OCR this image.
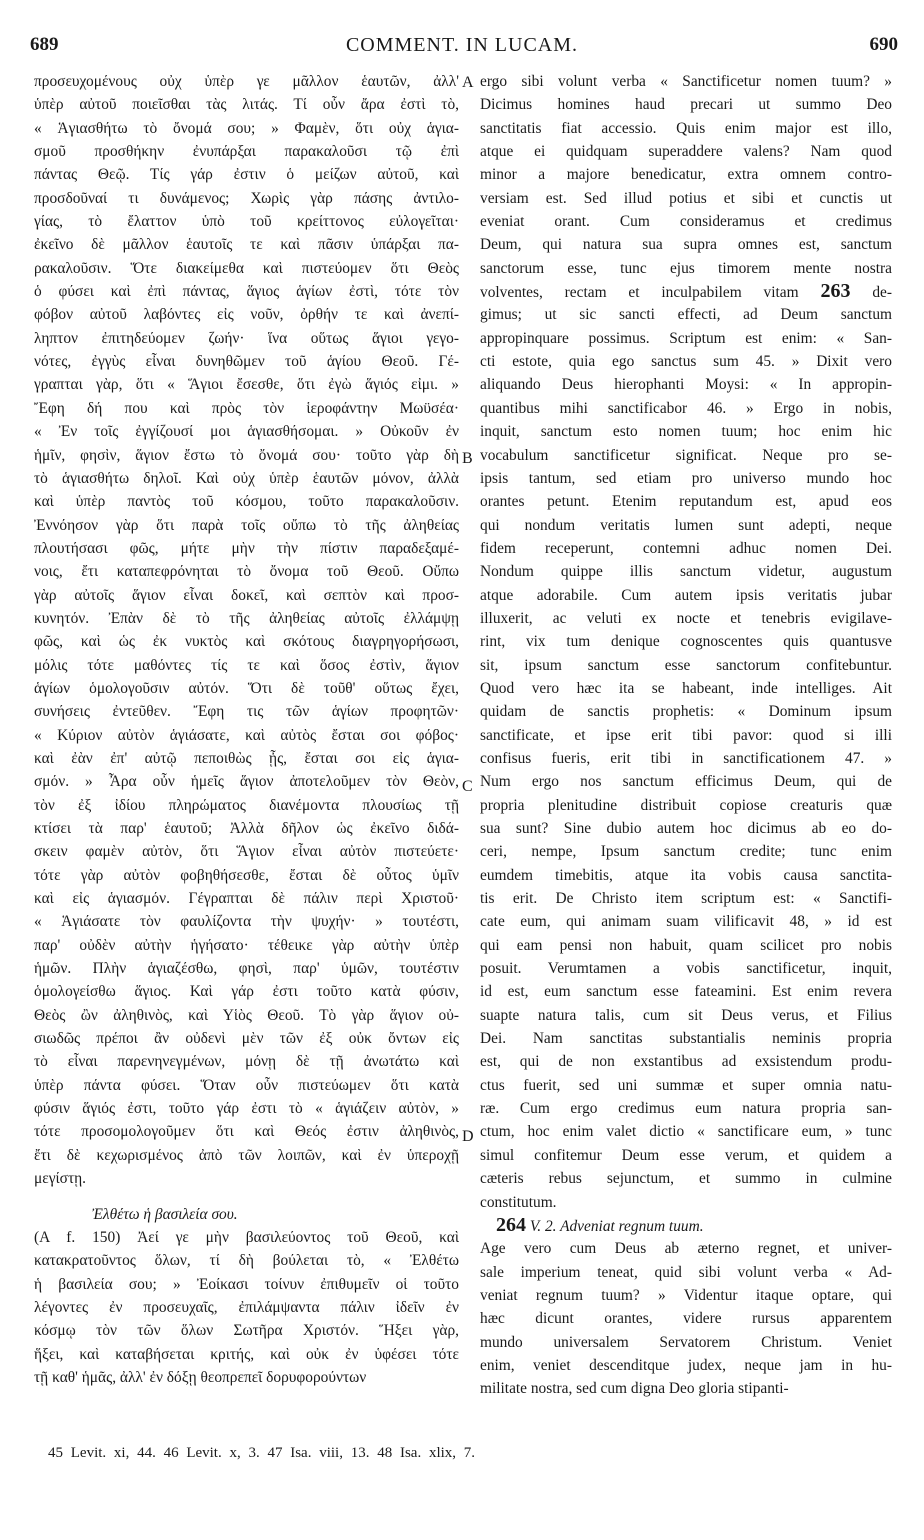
689	COMMENT. IN LUCAM.	690
A
B
C
D
προσευχομένους οὐχ ὑπὲρ γε μᾶλλον ἑαυτῶν, ἀλλ'
ὑπὲρ αὐτοῦ ποιεῖσθαι τὰς λιτάς. Τί οὖν ἄρα ἐστὶ τὸ,
« Ἁγιασθήτω τὸ ὄνομά σου; » Φαμὲν, ὅτι οὐχ ἁγια-
σμοῦ προσθήκην ἐνυπάρξαι παρακαλοῦσι τῷ ἐπὶ
πάντας Θεῷ. Τίς γάρ ἐστιν ὁ μείζων αὐτοῦ, καὶ
προσδοῦναί τι δυνάμενος; Χωρὶς γὰρ πάσης ἀντιλο-
γίας, τὸ ἔλαττον ὑπὸ τοῦ κρείττονος εὐλογεῖται·
ἐκεῖνο δὲ μᾶλλον ἑαυτοῖς τε καὶ πᾶσιν ὑπάρξαι πα-
ρακαλοῦσιν. Ὅτε διακείμεθα καὶ πιστεύομεν ὅτι Θεὸς
ὁ φύσει καὶ ἐπὶ πάντας, ἅγιος ἁγίων ἐστὶ, τότε τὸν
φόβον αὐτοῦ λαβόντες εἰς νοῦν, ὀρθήν τε καὶ ἀνεπί-
ληπτον ἐπιτηδεύομεν ζωήν· ἵνα οὕτως ἅγιοι γεγο-
νότες, ἐγγὺς εἶναι δυνηθῶμεν τοῦ ἁγίου Θεοῦ. Γέ-
γραπται γὰρ, ὅτι « Ἅγιοι ἔσεσθε, ὅτι ἐγὼ ἅγιός εἰμι. »
Ἔφη δή που καὶ πρὸς τὸν ἱεροφάντην Μωϋσέα·
« Ἐν τοῖς ἐγγίζουσί μοι ἁγιασθήσομαι. » Οὐκοῦν ἐν
ἡμῖν, φησὶν, ἅγιον ἔστω τὸ ὄνομά σου· τοῦτο γὰρ δὴ
τὸ ἁγιασθήτω δηλοῖ. Καὶ οὐχ ὑπὲρ ἑαυτῶν μόνον, ἀλλὰ
καὶ ὑπὲρ παντὸς τοῦ κόσμου, τοῦτο παρακαλοῦσιν.
Ἐννόησον γὰρ ὅτι παρὰ τοῖς οὔπω τὸ τῆς ἀληθείας
πλουτήσασι φῶς, μήτε μὴν τὴν πίστιν παραδεξαμέ-
νοις, ἔτι καταπεφρόνηται τὸ ὄνομα τοῦ Θεοῦ. Οὔπω
γὰρ αὐτοῖς ἅγιον εἶναι δοκεῖ, καὶ σεπτὸν καὶ προσ-
κυνητόν. Ἐπὰν δὲ τὸ τῆς ἀληθείας αὐτοῖς ἐλλάμψῃ
φῶς, καὶ ὡς ἐκ νυκτὸς καὶ σκότους διαγρηγορήσωσι,
μόλις τότε μαθόντες τίς τε καὶ ὅσος ἐστὶν, ἅγιον
ἁγίων ὁμολογοῦσιν αὐτόν. Ὅτι δὲ τοῦθ' οὕτως ἔχει,
συνήσεις ἐντεῦθεν. Ἔφη τις τῶν ἁγίων προφητῶν·
« Κύριον αὐτὸν ἁγιάσατε, καὶ αὐτὸς ἔσται σοι φόβος·
καὶ ἐὰν ἐπ' αὐτῷ πεποιθὼς ᾖς, ἔσται σοι εἰς ἁγια-
σμόν. » Ἆρα οὖν ἡμεῖς ἅγιον ἀποτελοῦμεν τὸν Θεὸν,
τὸν ἐξ ἰδίου πληρώματος διανέμοντα πλουσίως τῇ
κτίσει τὰ παρ' ἑαυτοῦ; Ἀλλὰ δῆλον ὡς ἐκεῖνο διδά-
σκειν φαμὲν αὐτὸν, ὅτι Ἅγιον εἶναι αὐτὸν πιστεύετε·
τότε γὰρ αὐτὸν φοβηθήσεσθε, ἔσται δὲ οὗτος ὑμῖν
καὶ εἰς ἁγιασμόν. Γέγραπται δὲ πάλιν περὶ Χριστοῦ·
« Ἁγιάσατε τὸν φαυλίζοντα τὴν ψυχήν· » τουτέστι,
παρ' οὐδὲν αὐτὴν ἡγήσατο· τέθεικε γὰρ αὐτὴν ὑπὲρ
ἡμῶν. Πλὴν ἁγιαζέσθω, φησὶ, παρ' ὑμῶν, τουτέστιν
ὁμολογείσθω ἅγιος. Καὶ γάρ ἐστι τοῦτο κατὰ φύσιν,
Θεὸς ὢν ἀληθινὸς, καὶ Υἱὸς Θεοῦ. Τὸ γὰρ ἅγιον οὐ-
σιωδῶς πρέποι ἂν οὐδενὶ μὲν τῶν ἐξ οὐκ ὄντων εἰς
τὸ εἶναι παρενηνεγμένων, μόνῃ δὲ τῇ ἀνωτάτω καὶ
ὑπὲρ πάντα φύσει. Ὅταν οὖν πιστεύωμεν ὅτι κατὰ
φύσιν ἅγιός ἐστι, τοῦτο γάρ ἐστι τὸ « ἁγιάζειν αὐτὸν, »
τότε προσομολογοῦμεν ὅτι καὶ Θεός ἐστιν ἀληθινὸς,
ἔτι δὲ κεχωρισμένος ἀπὸ τῶν λοιπῶν, καὶ ἐν ὑπεροχῇ
μεγίστῃ.
Ἐλθέτω ἡ βασιλεία σου.
(A f. 150) Ἀεί γε μὴν βασιλεύοντος τοῦ Θεοῦ, καὶ
κατακρατοῦντος ὅλων, τί δὴ βούλεται τὸ, « Ἐλθέτω
ἡ βασιλεία σου; » Ἐοίκασι τοίνυν ἐπιθυμεῖν οἱ τοῦτο
λέγοντες ἐν προσευχαῖς, ἐπιλάμψαντα πάλιν ἰδεῖν ἐν
κόσμῳ τὸν τῶν ὅλων Σωτῆρα Χριστόν. Ἥξει γὰρ,
ἥξει, καὶ καταβήσεται κριτής, καὶ οὐκ ἐν ὑφέσει τότε
τῇ καθ' ἡμᾶς, ἀλλ' ἐν δόξῃ θεοπρεπεῖ δορυφορούντων
ergo sibi volunt verba « Sanctificetur nomen tuum? »
Dicimus homines haud precari ut summo Deo
sanctitatis fiat accessio. Quis enim major est illo,
atque ei quidquam superaddere valens? Nam quod
minor a majore benedicatur, extra omnem contro-
versiam est. Sed illud potius et sibi et cunctis ut
eveniat orant. Cum consideramus et credimus
Deum, qui natura sua supra omnes est, sanctum
sanctorum esse, tunc ejus timorem mente nostra
volventes, rectam et inculpabilem vitam 263 de-
gimus; ut sic sancti effecti, ad Deum sanctum
appropinquare possimus. Scriptum est enim: « San-
cti estote, quia ego sanctus sum 45. » Dixit vero
aliquando Deus hierophanti Moysi: « In appropin-
quantibus mihi sanctificabor 46. » Ergo in nobis,
inquit, sanctum esto nomen tuum; hoc enim hic
vocabulum sanctificetur significat. Neque pro se-
ipsis tantum, sed etiam pro universo mundo hoc
orantes petunt. Etenim reputandum est, apud eos
qui nondum veritatis lumen sunt adepti, neque
fidem receperunt, contemni adhuc nomen Dei.
Nondum quippe illis sanctum videtur, augustum
atque adorabile. Cum autem ipsis veritatis jubar
illuxerit, ac veluti ex nocte et tenebris evigilave-
rint, vix tum denique cognoscentes quis quantusve
sit, ipsum sanctum esse sanctorum confitebuntur.
Quod vero hæc ita se habeant, inde intelliges. Ait
quidam de sanctis prophetis: « Dominum ipsum
sanctificate, et ipse erit tibi pavor: quod si illi
confisus fueris, erit tibi in sanctificationem 47. »
Num ergo nos sanctum efficimus Deum, qui de
propria plenitudine distribuit copiose creaturis quæ
sua sunt? Sine dubio autem hoc dicimus ab eo do-
ceri, nempe, Ipsum sanctum credite; tunc enim
eumdem timebitis, atque ita vobis causa sanctita-
tis erit. De Christo item scriptum est: « Sanctifi-
cate eum, qui animam suam vilificavit 48, » id est
qui eam pensi non habuit, quam scilicet pro nobis
posuit. Verumtamen a vobis sanctificetur, inquit,
id est, eum sanctum esse fateamini. Est enim revera
suapte natura talis, cum sit Deus verus, et Filius
Dei. Nam sanctitas substantialis neminis propria
est, qui de non exstantibus ad exsistendum produ-
ctus fuerit, sed uni summæ et super omnia natu-
ræ. Cum ergo credimus eum natura propria san-
ctum, hoc enim valet dictio « sanctificare eum, » tunc
simul confitemur Deum esse verum, et quidem a
cæteris rebus sejunctum, et summo in culmine
constitutum.
264 V. 2. Adveniat regnum tuum.
Age vero cum Deus ab æterno regnet, et univer-
sale imperium teneat, quid sibi volunt verba « Ad-
veniat regnum tuum? » Videntur itaque optare, qui
hæc dicunt orantes, videre rursus apparentem
mundo universalem Servatorem Christum. Veniet
enim, veniet descenditque judex, neque jam in hu-
militate nostra, sed cum digna Deo gloria stipanti-
45 Levit. xi, 44. 46 Levit. x, 3. 47 Isa. viii, 13. 48 Isa. xlix, 7.
